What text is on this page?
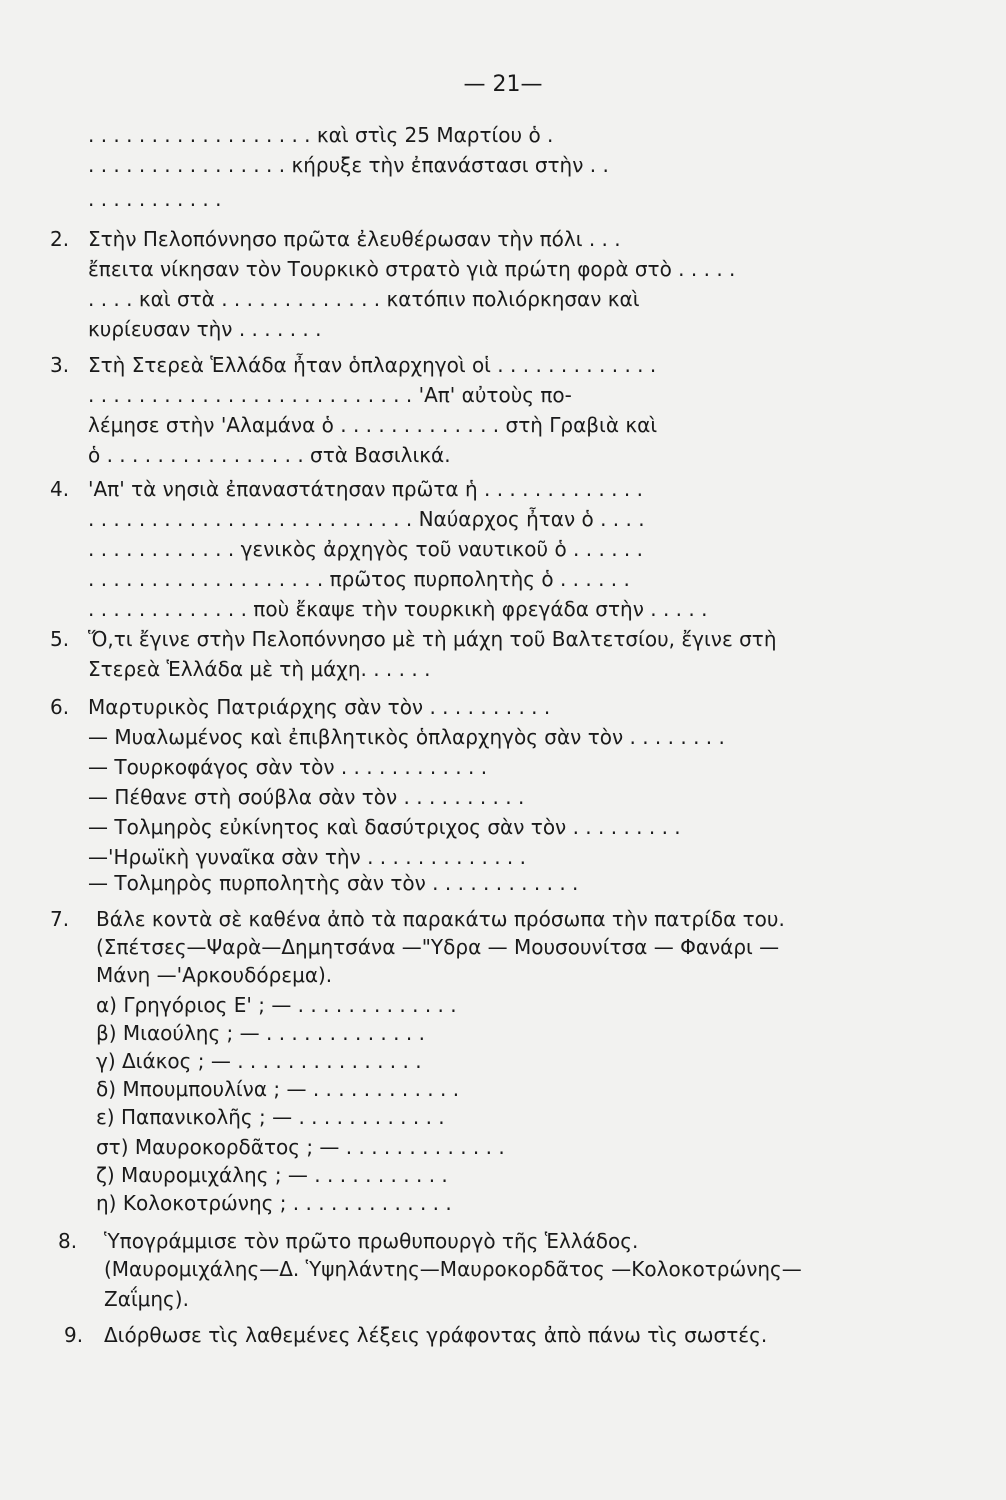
— 21—
. . . . . . . . . . . . . . . . . . καὶ στὶς 25 Μαρτίου ὁ .
. . . . . . . . . . . . . . . . κήρυξε τὴν ἐπανάστασι στὴν . .
. . . . . . . . . . .
2. Στὴν Πελοπόννησο πρῶτα ἐλευθέρωσαν τὴν πόλι . . .
ἔπειτα νίκησαν τὸν Τουρκικὸ στρατὸ γιὰ πρώτη φορὰ στὸ . . . . .
. . . . καὶ στὰ . . . . . . . . . . . . . κατόπιν πολιόρκησαν καὶ
κυρίευσαν τὴν . . . . . . .
3. Στὴ Στερεὰ Ἑλλάδα ἦταν ὁπλαρχηγοὶ οἱ . . . . . . . . . . . . .
. . . . . . . . . . . . . . . . . . . . . . . . . . 'Απ' αὐτοὺς πο-
λέμησε στὴν 'Αλαμάνα ὁ . . . . . . . . . . . . . στὴ Γραβιὰ καὶ
ὁ . . . . . . . . . . . . . . . . στὰ Βασιλικά.
4. 'Απ' τὰ νησιὰ ἐπαναστάτησαν πρῶτα ἡ . . . . . . . . . . . . .
. . . . . . . . . . . . . . . . . . . . . . . . . . Ναύαρχος ἦταν ὁ . . . .
. . . . . . . . . . . . γενικὸς ἀρχηγὸς τοῦ ναυτικοῦ ὁ . . . . . .
. . . . . . . . . . . . . . . . . . . πρῶτος πυρπολητὴς ὁ . . . . . .
. . . . . . . . . . . . . ποὺ ἔκαψε τὴν τουρκικὴ φρεγάδα στὴν . . . . .
5. Ὅ,τι ἔγινε στὴν Πελοπόννησο μὲ τὴ μάχη τοῦ Βαλτετσίου, ἔγινε στὴ
Στερεὰ Ἑλλάδα μὲ τὴ μάχη. . . . . .
6. Μαρτυρικὸς Πατριάρχης σὰν τὸν . . . . . . . . . .
— Μυαλωμένος καὶ ἐπιβλητικὸς ὁπλαρχηγὸς σὰν τὸν . . . . . . . .
— Τουρκοφάγος σὰν τὸν . . . . . . . . . . . .
— Πέθανε στὴ σούβλα σὰν τὸν . . . . . . . . . .
— Τολμηρὸς εὐκίνητος καὶ δασύτριχος σὰν τὸν . . . . . . . . .
—'Ηρωϊκὴ γυναῖκα σὰν τὴν . . . . . . . . . . . . .
— Τολμηρὸς πυρπολητὴς σὰν τὸν . . . . . . . . . . . .
7. Βάλε κοντὰ σὲ καθένα ἀπὸ τὰ παρακάτω πρόσωπα τὴν πατρίδα του.
(Σπέτσες—Ψαρὰ—Δημητσάνα —"Υδρα — Μουσουνίτσα — Φανάρι —
Μάνη —'Αρκουδόρεμα).
α) Γρηγόριος Ε' ; — . . . . . . . . . . . . .
β) Μιαούλης ; — . . . . . . . . . . . . .
γ) Διάκος ; — . . . . . . . . . . . . . . .
δ) Μπουμπουλίνα ; — . . . . . . . . . . . .
ε) Παπανικολῆς ; — . . . . . . . . . . . .
στ) Μαυροκορδᾶτος ; — . . . . . . . . . . . . .
ζ) Μαυρομιχάλης ; — . . . . . . . . . . .
η) Κολοκοτρώνης ; . . . . . . . . . . . . .
8. Ὑπογράμμισε τὸν πρῶτο πρωθυπουργὸ τῆς Ἑλλάδος.
(Μαυρομιχάλης—Δ. Ὑψηλάντης—Μαυροκορδᾶτος —Κολοκοτρώνης—
Ζαΐμης).
9. Διόρθωσε τὶς λαθεμένες λέξεις γράφοντας ἀπὸ πάνω τὶς σωστές.
